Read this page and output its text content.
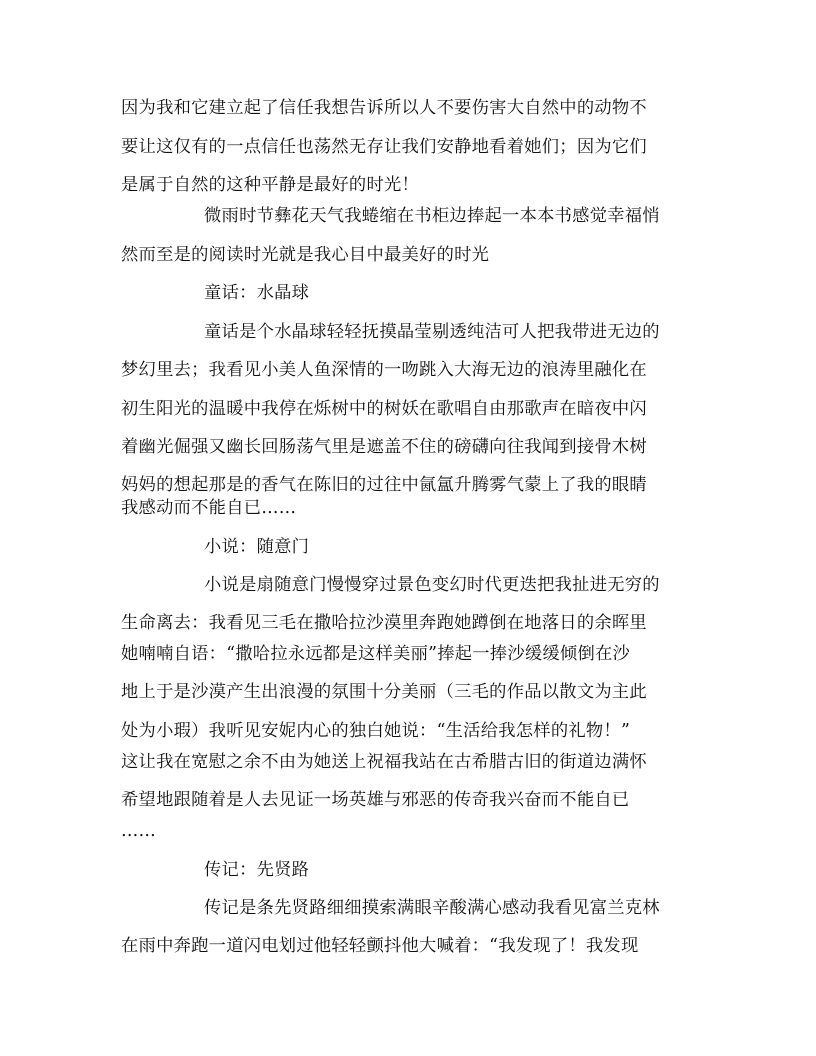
因为我和它建立起了信任我想告诉所以人不要伤害大自然中的动物不
要让这仅有的一点信任也荡然无存让我们安静地看着她们；因为它们
是属于自然的这种平静是最好的时光！
微雨时节彝花天气我蜷缩在书柜边捧起一本本书感觉幸福悄
然而至是的阅读时光就是我心目中最美好的时光
童话：水晶球
童话是个水晶球轻轻抚摸晶莹剔透纯洁可人把我带进无边的
梦幻里去；我看见小美人鱼深情的一吻跳入大海无边的浪涛里融化在
初生阳光的温暖中我停在烁树中的树妖在歌唱自由那歌声在暗夜中闪
着幽光倔强又幽长回肠荡气里是遮盖不住的磅礴向往我闻到接骨木树
妈妈的想起那是的香气在陈旧的过往中氤氲升腾雾气蒙上了我的眼睛
我感动而不能自已……
小说：随意门
小说是扇随意门慢慢穿过景色变幻时代更迭把我扯进无穷的
生命离去：我看见三毛在撒哈拉沙漠里奔跑她蹲倒在地落日的余晖里
她喃喃自语：“撒哈拉永远都是这样美丽”捧起一捧沙缓缓倾倒在沙
地上于是沙漠产生出浪漫的氛围十分美丽（三毛的作品以散文为主此
处为小瑕）我听见安妮内心的独白她说：“生活给我怎样的礼物！”
这让我在宽慰之余不由为她送上祝福我站在古希腊古旧的街道边满怀
希望地跟随着是人去见证一场英雄与邪恶的传奇我兴奋而不能自已
……
传记：先贤路
传记是条先贤路细细摸索满眼辛酸满心感动我看见富兰克林
在雨中奔跑一道闪电划过他轻轻颤抖他大喊着：“我发现了！我发现
